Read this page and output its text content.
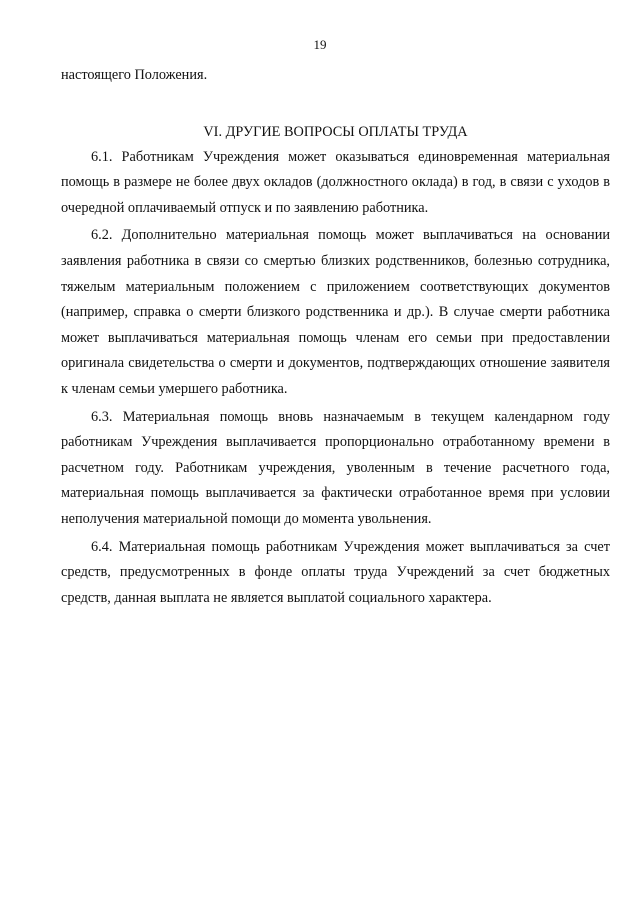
19

настоящего Положения.

VI. ДРУГИЕ ВОПРОСЫ ОПЛАТЫ ТРУДА

6.1. Работникам Учреждения может оказываться единовременная материальная помощь в размере не более двух окладов (должностного оклада) в год, в связи с уходов в очередной оплачиваемый отпуск и по заявлению работника.

6.2. Дополнительно материальная помощь может выплачиваться на основании заявления работника в связи со смертью близких родственников, болезнью сотрудника, тяжелым материальным положением с приложением соответствующих документов (например, справка о смерти близкого родственника и др.). В случае смерти работника может выплачиваться материальная помощь членам его семьи при предоставлении оригинала свидетельства о смерти и документов, подтверждающих отношение заявителя к членам семьи умершего работника.

6.3. Материальная помощь вновь назначаемым в текущем календарном году работникам Учреждения выплачивается пропорционально отработанному времени в расчетном году. Работникам учреждения, уволенным в течение расчетного года, материальная помощь выплачивается за фактически отработанное время при условии неполучения материальной помощи до момента увольнения.

6.4. Материальная помощь работникам Учреждения может выплачиваться за счет средств, предусмотренных в фонде оплаты труда Учреждений за счет бюджетных средств, данная выплата не является выплатой социального характера.
